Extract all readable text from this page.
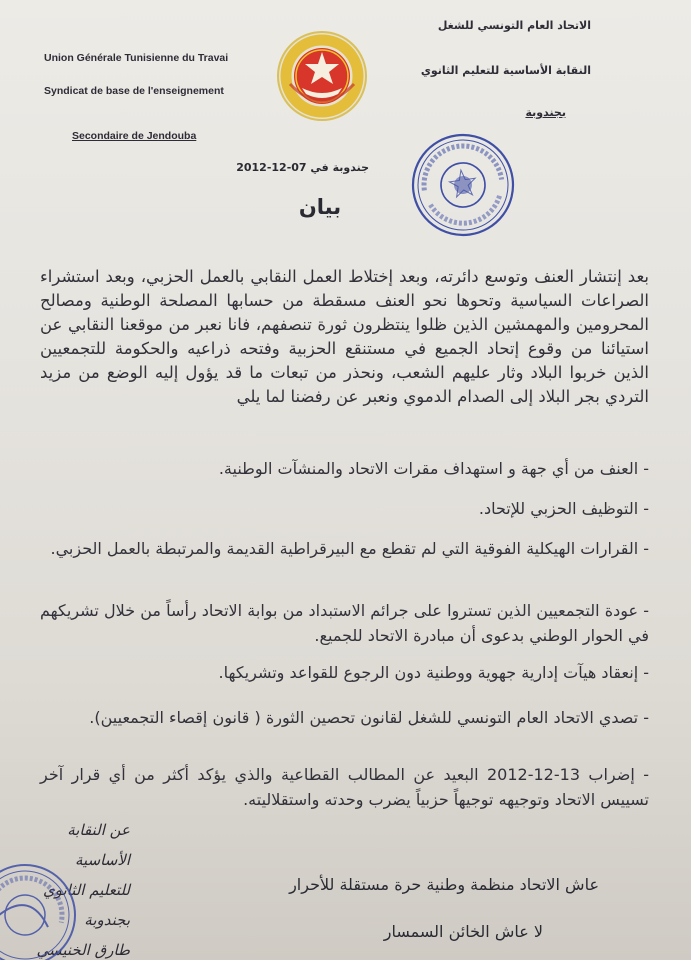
Union Générale Tunisienne du Travai
Syndicat de base de l'enseignement
Secondaire de Jendouba
الاتحاد العام التونسي للشغل
النقابة الأساسية للتعليم الثانوي
بجندوبة
جندوبة في 07-12-2012
بيان
بعد إنتشار العنف وتوسع دائرته، وبعد إختلاط العمل النقابي بالعمل الحزبي، وبعد استشراء الصراعات السياسية وتحوها نحو العنف مسقطة من حسابها المصلحة الوطنية ومصالح المحرومين والمهمشين الذين ظلوا ينتظرون ثورة تنصفهم، فانا نعبر من موقعنا النقابي عن استيائنا من وقوع إتحاد الجميع في مستنقع الحزبية وفتحه ذراعيه والحكومة للتجمعيين الذين خربوا البلاد وثار عليهم الشعب، ونحذر من تبعات ما قد يؤول إليه الوضع من مزيد التردي بجر البلاد إلى الصدام الدموي ونعبر عن رفضنا لما يلي
- العنف من أي جهة و استهداف مقرات الاتحاد والمنشآت الوطنية.
- التوظيف الحزبي للإتحاد.
- القرارات الهيكلية الفوقية التي لم تقطع مع البيرقراطية القديمة والمرتبطة بالعمل الحزبي.
- عودة التجمعيين الذين تستروا على جرائم الاستبداد من بوابة الاتحاد رأساً من خلال تشريكهم في الحوار الوطني بدعوى أن مبادرة الاتحاد للجميع.
- إنعقاد هيآت إدارية جهوية ووطنية دون الرجوع للقواعد وتشريكها.
- تصدي الاتحاد العام التونسي للشغل لقانون تحصين الثورة ( قانون إقصاء التجمعيين).
- إضراب 13-12-2012 البعيد عن المطالب القطاعية والذي يؤكد أكثر من أي قرار آخر تسييس الاتحاد وتوجيهه توجيهاً حزبياً يضرب وحدته واستقلاليته.
عاش الاتحاد منظمة وطنية حرة مستقلة للأحرار
لا عاش الخائن السمسار
عن النقابة الأساسية
للتعليم الثانوي
بجندوبة
طارق الخنيسي
